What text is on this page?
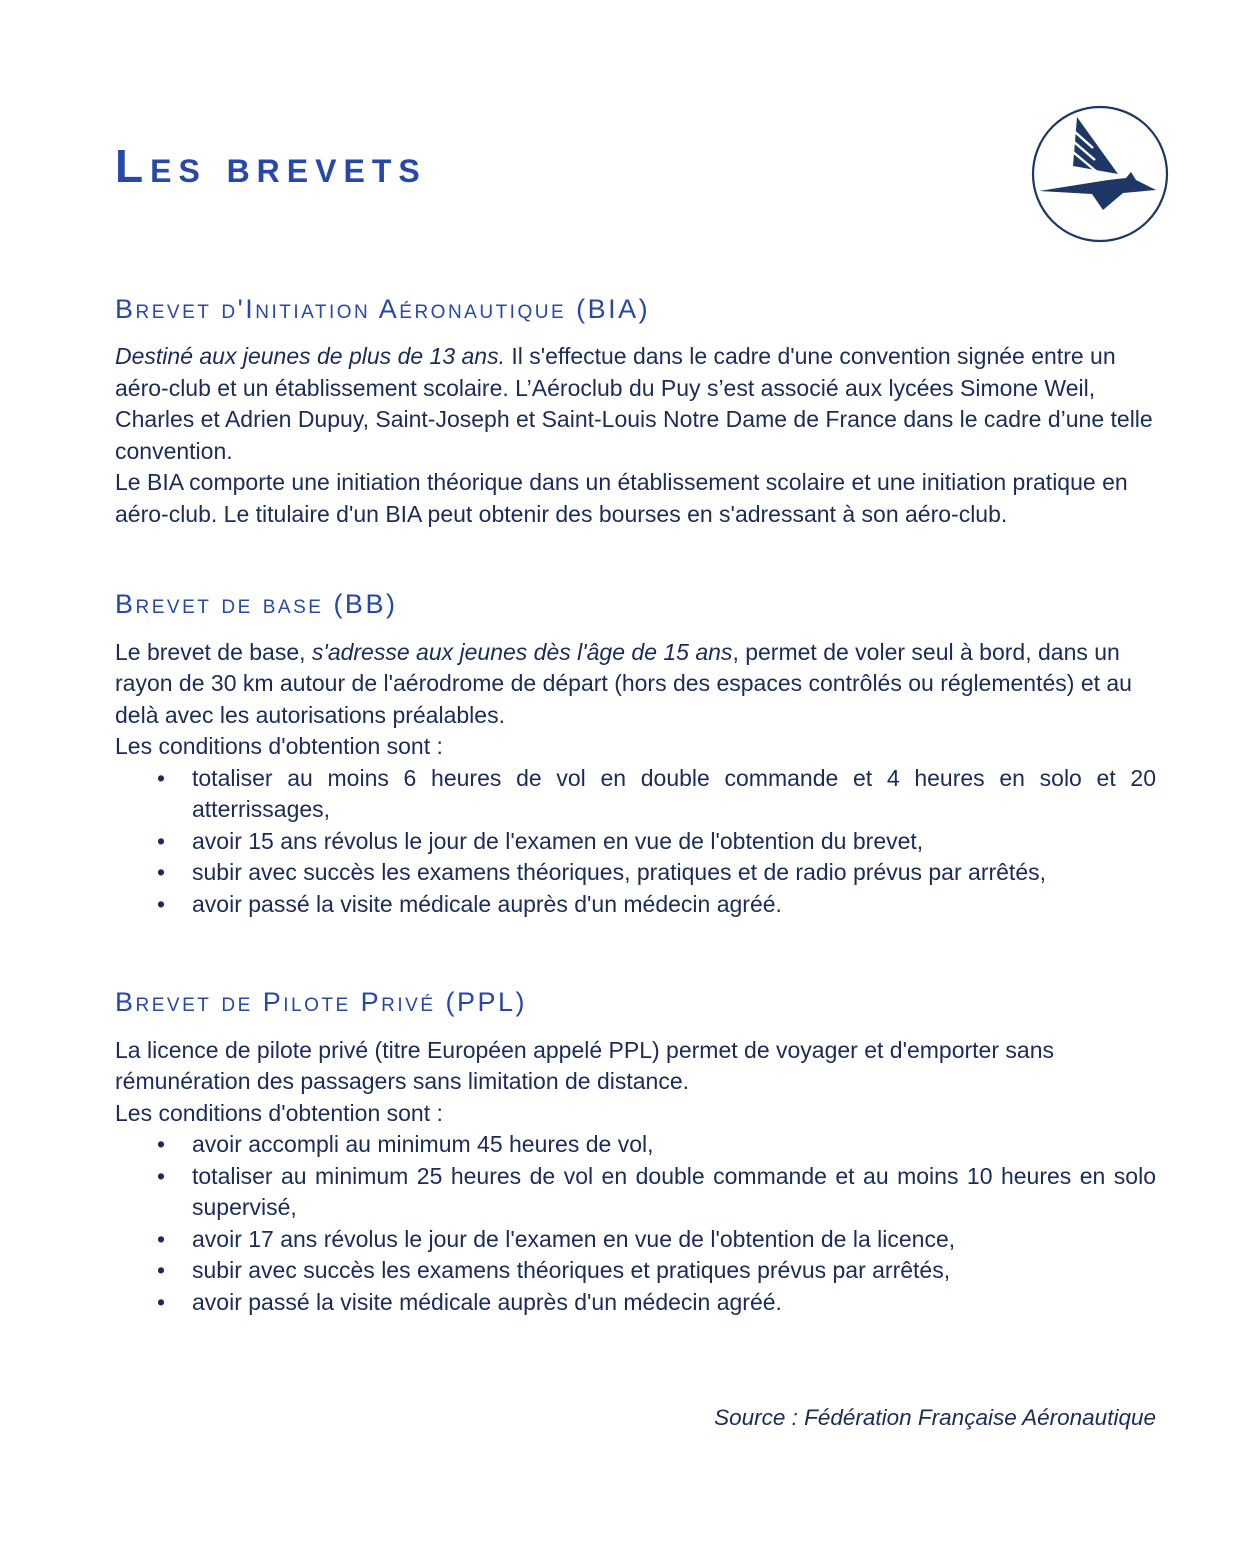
Les brevets
Brevet d'Initiation Aéronautique (BIA)

Destiné aux jeunes de plus de 13 ans. Il s'effectue dans le cadre d'une convention signée entre un aéro-club et un établissement scolaire. L’Aéroclub du Puy s’est associé aux lycées Simone Weil, Charles et Adrien Dupuy, Saint-Joseph et Saint-Louis Notre Dame de France dans le cadre d’une telle convention.

Le BIA comporte une initiation théorique dans un établissement scolaire et une initiation pratique en aéro-club. Le titulaire d'un BIA peut obtenir des bourses en s'adressant à son aéro-club.

Brevet de base (BB)

Le brevet de base, s'adresse aux jeunes dès l'âge de 15 ans, permet de voler seul à bord, dans un rayon de 30 km autour de l'aérodrome de départ (hors des espaces contrôlés ou réglementés) et au delà avec les autorisations préalables.

Les conditions d'obtention sont :

• totaliser au moins 6 heures de vol en double commande et 4 heures en solo et 20 atterrissages,
• avoir 15 ans révolus le jour de l'examen en vue de l'obtention du brevet,
• subir avec succès les examens théoriques, pratiques et de radio prévus par arrêtés,
• avoir passé la visite médicale auprès d'un médecin agréé.
Brevet de Pilote Privé (PPL)

La licence de pilote privé (titre Européen appelé PPL) permet de voyager et d'emporter sans rémunération des passagers sans limitation de distance.

Les conditions d'obtention sont :

• avoir accompli au minimum 45 heures de vol,
• totaliser au minimum 25 heures de vol en double commande et au moins 10 heures en solo supervisé,
• avoir 17 ans révolus le jour de l'examen en vue de l'obtention de la licence,
• subir avec succès les examens théoriques et pratiques prévus par arrêtés,
• avoir passé la visite médicale auprès d'un médecin agréé.
Source : Fédération Française Aéronautique
